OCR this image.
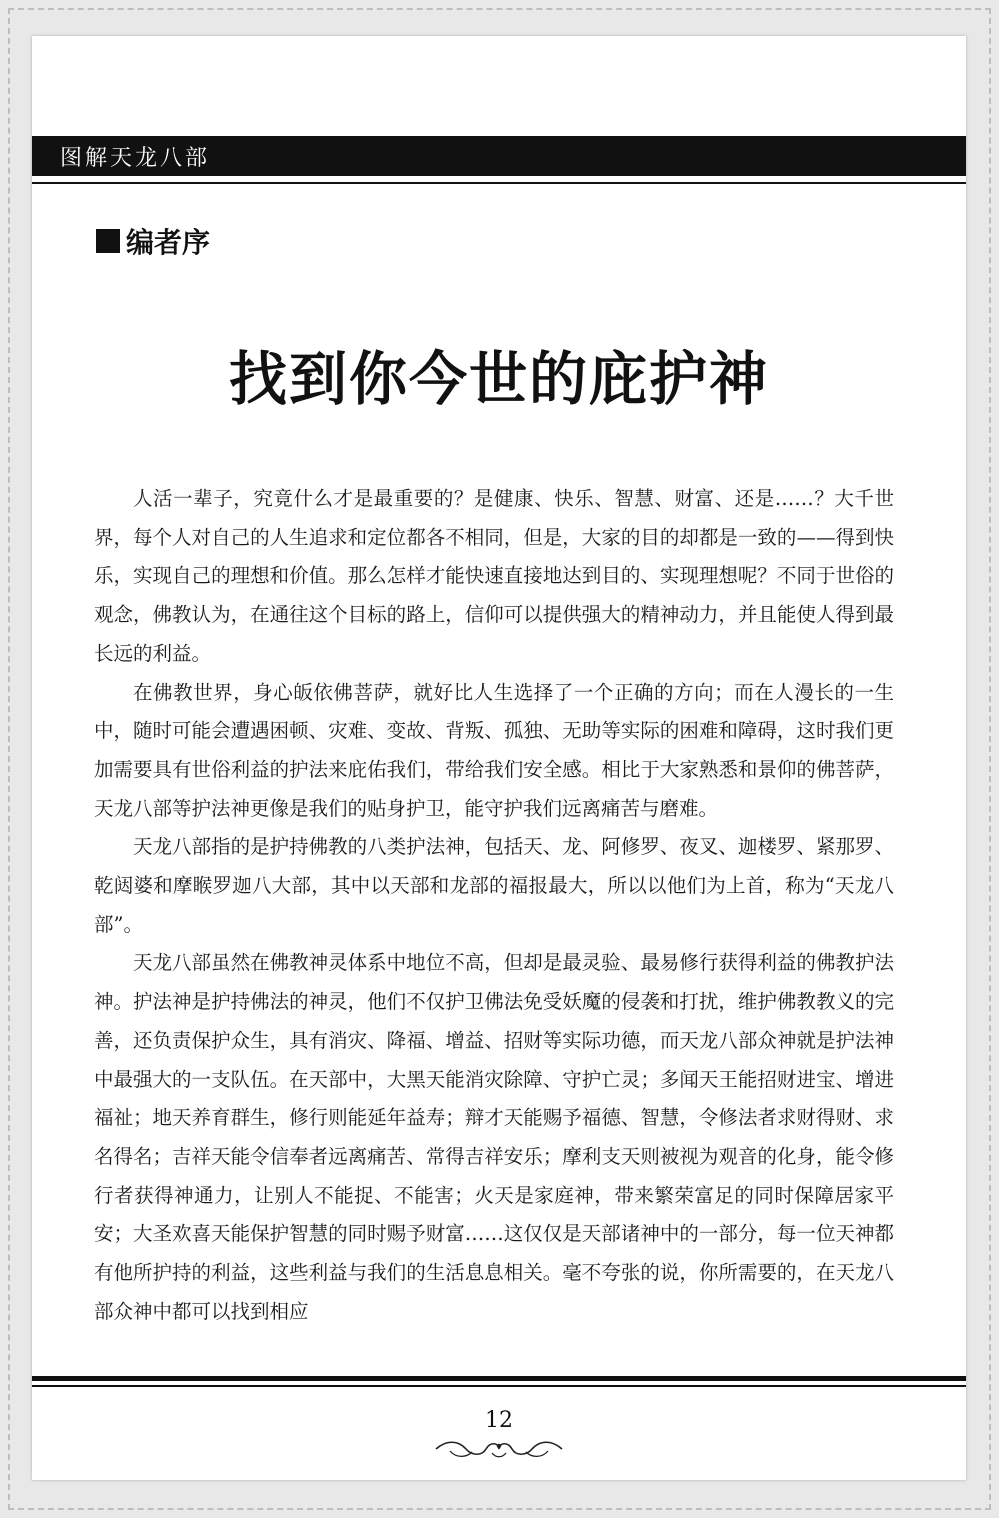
图解天龙八部
编者序
找到你今世的庇护神

人活一辈子，究竟什么才是最重要的？是健康、快乐、智慧、财富、还是……？大千世界，每个人对自己的人生追求和定位都各不相同，但是，大家的目的却都是一致的——得到快乐，实现自己的理想和价值。那么怎样才能快速直接地达到目的、实现理想呢？不同于世俗的观念，佛教认为，在通往这个目标的路上，信仰可以提供强大的精神动力，并且能使人得到最长远的利益。

在佛教世界，身心皈依佛菩萨，就好比人生选择了一个正确的方向；而在人漫长的一生中，随时可能会遭遇困顿、灾难、变故、背叛、孤独、无助等实际的困难和障碍，这时我们更加需要具有世俗利益的护法来庇佑我们，带给我们安全感。相比于大家熟悉和景仰的佛菩萨，天龙八部等护法神更像是我们的贴身护卫，能守护我们远离痛苦与磨难。

天龙八部指的是护持佛教的八类护法神，包括天、龙、阿修罗、夜叉、迦楼罗、紧那罗、乾闼婆和摩睺罗迦八大部，其中以天部和龙部的福报最大，所以以他们为上首，称为“天龙八部”。

天龙八部虽然在佛教神灵体系中地位不高，但却是最灵验、最易修行获得利益的佛教护法神。护法神是护持佛法的神灵，他们不仅护卫佛法免受妖魔的侵袭和打扰，维护佛教教义的完善，还负责保护众生，具有消灾、降福、增益、招财等实际功德，而天龙八部众神就是护法神中最强大的一支队伍。在天部中，大黑天能消灾除障、守护亡灵；多闻天王能招财进宝、增进福祉；地天养育群生，修行则能延年益寿；辩才天能赐予福德、智慧，令修法者求财得财、求名得名；吉祥天能令信奉者远离痛苦、常得吉祥安乐；摩利支天则被视为观音的化身，能令修行者获得神通力，让别人不能捉、不能害；火天是家庭神，带来繁荣富足的同时保障居家平安；大圣欢喜天能保护智慧的同时赐予财富……这仅仅是天部诸神中的一部分，每一位天神都有他所护持的利益，这些利益与我们的生活息息相关。毫不夸张的说，你所需要的，在天龙八部众神中都可以找到相应

12
